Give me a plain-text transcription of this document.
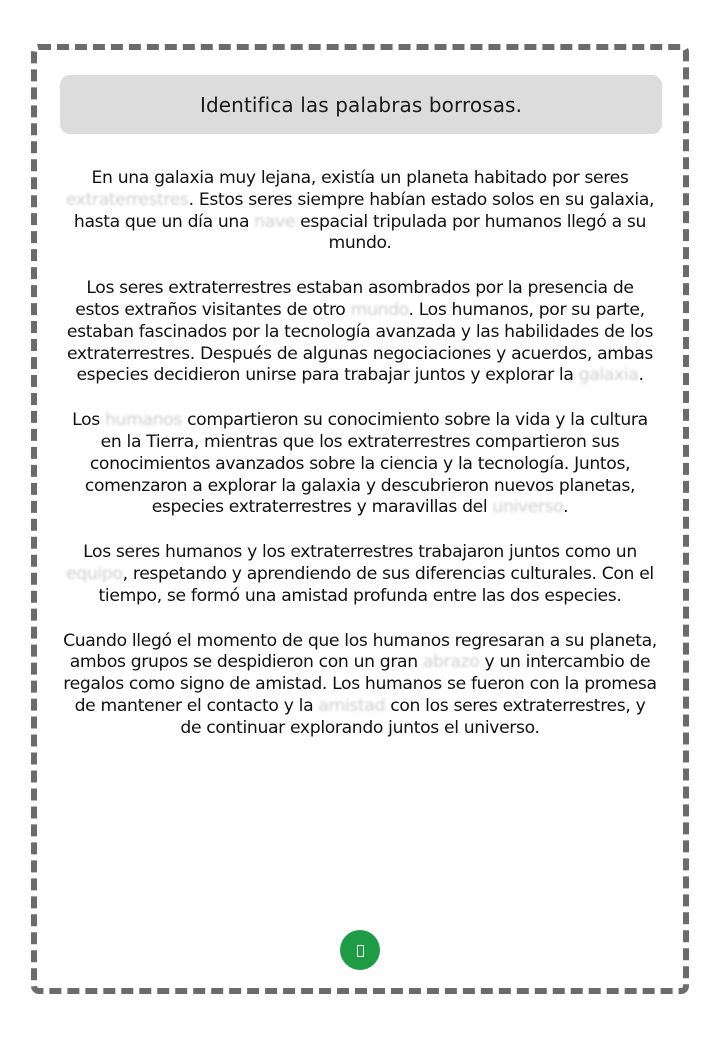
Identifica las palabras borrosas.

En una galaxia muy lejana, existía un planeta habitado por seres extraterrestres. Estos seres siempre habían estado solos en su galaxia, hasta que un día una nave espacial tripulada por humanos llegó a su mundo.

Los seres extraterrestres estaban asombrados por la presencia de estos extraños visitantes de otro mundo. Los humanos, por su parte, estaban fascinados por la tecnología avanzada y las habilidades de los extraterrestres. Después de algunas negociaciones y acuerdos, ambas especies decidieron unirse para trabajar juntos y explorar la galaxia.

Los humanos compartieron su conocimiento sobre la vida y la cultura en la Tierra, mientras que los extraterrestres compartieron sus conocimientos avanzados sobre la ciencia y la tecnología. Juntos, comenzaron a explorar la galaxia y descubrieron nuevos planetas, especies extraterrestres y maravillas del universo.

Los seres humanos y los extraterrestres trabajaron juntos como un equipo, respetando y aprendiendo de sus diferencias culturales. Con el tiempo, se formó una amistad profunda entre las dos especies.

Cuando llegó el momento de que los humanos regresaran a su planeta, ambos grupos se despidieron con un gran abrazo y un intercambio de regalos como signo de amistad. Los humanos se fueron con la promesa de mantener el contacto y la amistad con los seres extraterrestres, y de continuar explorando juntos el universo.
